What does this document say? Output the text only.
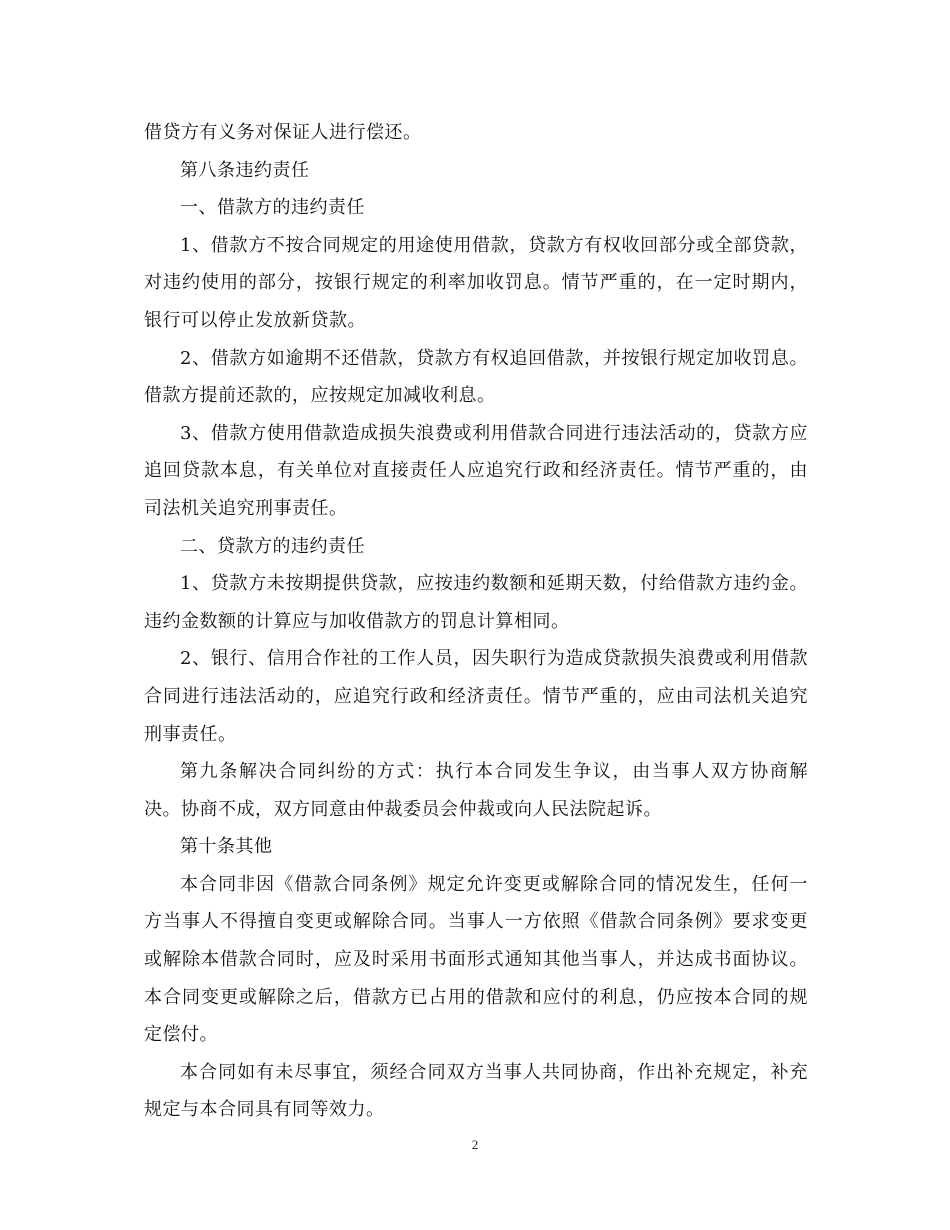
借贷方有义务对保证人进行偿还。

第八条违约责任

一、借款方的违约责任

1、借款方不按合同规定的用途使用借款，贷款方有权收回部分或全部贷款，对违约使用的部分，按银行规定的利率加收罚息。情节严重的，在一定时期内，银行可以停止发放新贷款。

2、借款方如逾期不还借款，贷款方有权追回借款，并按银行规定加收罚息。借款方提前还款的，应按规定加减收利息。

3、借款方使用借款造成损失浪费或利用借款合同进行违法活动的，贷款方应追回贷款本息，有关单位对直接责任人应追究行政和经济责任。情节严重的，由司法机关追究刑事责任。

二、贷款方的违约责任

1、贷款方未按期提供贷款，应按违约数额和延期天数，付给借款方违约金。违约金数额的计算应与加收借款方的罚息计算相同。

2、银行、信用合作社的工作人员，因失职行为造成贷款损失浪费或利用借款合同进行违法活动的，应追究行政和经济责任。情节严重的，应由司法机关追究刑事责任。

第九条解决合同纠纷的方式：执行本合同发生争议，由当事人双方协商解决。协商不成，双方同意由仲裁委员会仲裁或向人民法院起诉。

第十条其他

本合同非因《借款合同条例》规定允许变更或解除合同的情况发生，任何一方当事人不得擅自变更或解除合同。当事人一方依照《借款合同条例》要求变更或解除本借款合同时，应及时采用书面形式通知其他当事人，并达成书面协议。本合同变更或解除之后，借款方已占用的借款和应付的利息，仍应按本合同的规定偿付。

本合同如有未尽事宜，须经合同双方当事人共同协商，作出补充规定，补充规定与本合同具有同等效力。

2
